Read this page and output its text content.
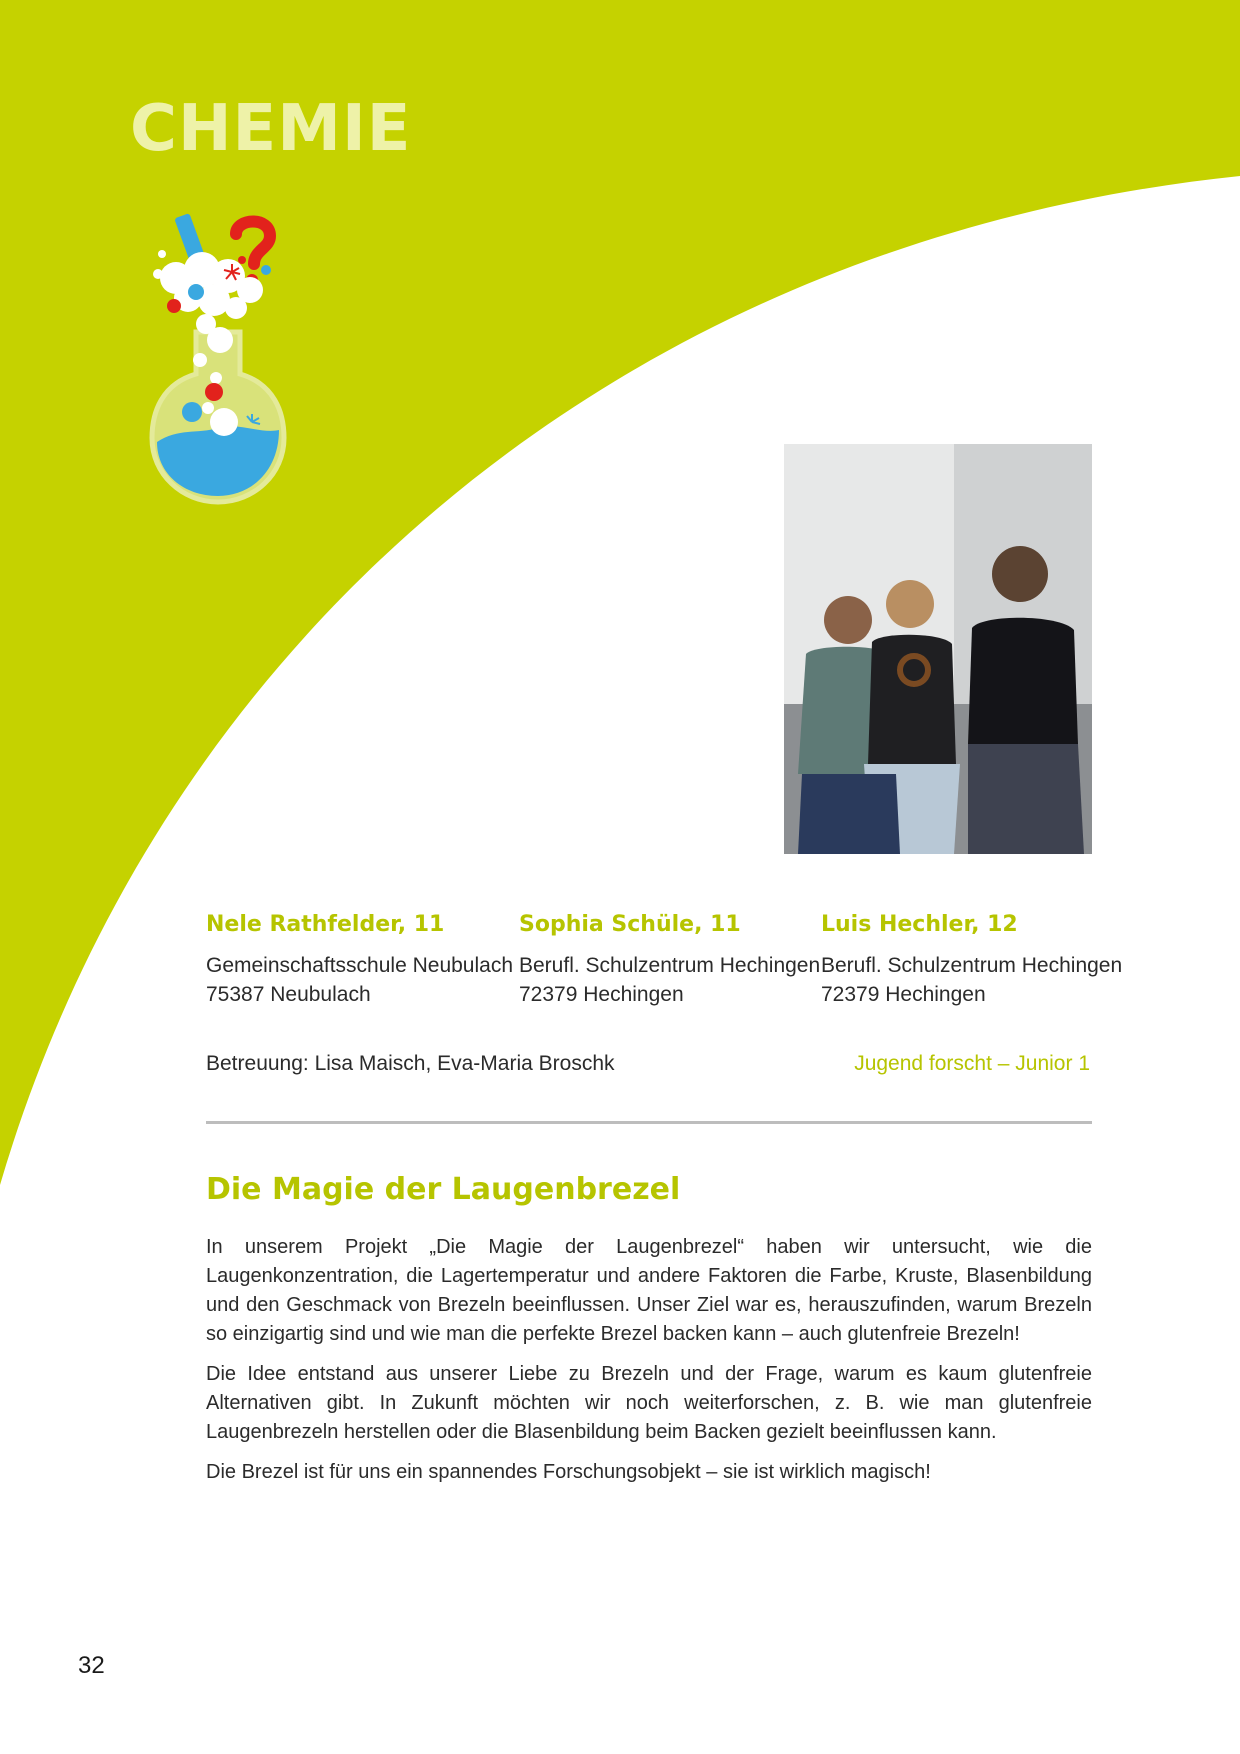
CHEMIE
Nele Rathfelder, 11
Gemeinschaftsschule Neubulach
75387 Neubulach
Sophia Schüle, 11
Berufl. Schulzentrum Hechingen
72379 Hechingen
Luis Hechler, 12
Berufl. Schulzentrum Hechingen
72379 Hechingen
Betreuung: Lisa Maisch, Eva-Maria Broschk	Jugend forscht – Junior 1
Die Magie der Laugenbrezel

In unserem Projekt „Die Magie der Laugenbrezel“ haben wir untersucht, wie die Laugenkonzentration, die Lagertemperatur und andere Faktoren die Farbe, Kruste, Blasenbildung und den Geschmack von Brezeln beeinflussen. Unser Ziel war es, herauszufinden, warum Brezeln so einzigartig sind und wie man die perfekte Brezel backen kann – auch glutenfreie Brezeln!

Die Idee entstand aus unserer Liebe zu Brezeln und der Frage, warum es kaum glutenfreie Alternativen gibt. In Zukunft möchten wir noch weiterforschen, z. B. wie man glutenfreie Laugenbrezeln herstellen oder die Blasenbildung beim Backen gezielt beeinflussen kann.

Die Brezel ist für uns ein spannendes Forschungsobjekt – sie ist wirklich magisch!

32
